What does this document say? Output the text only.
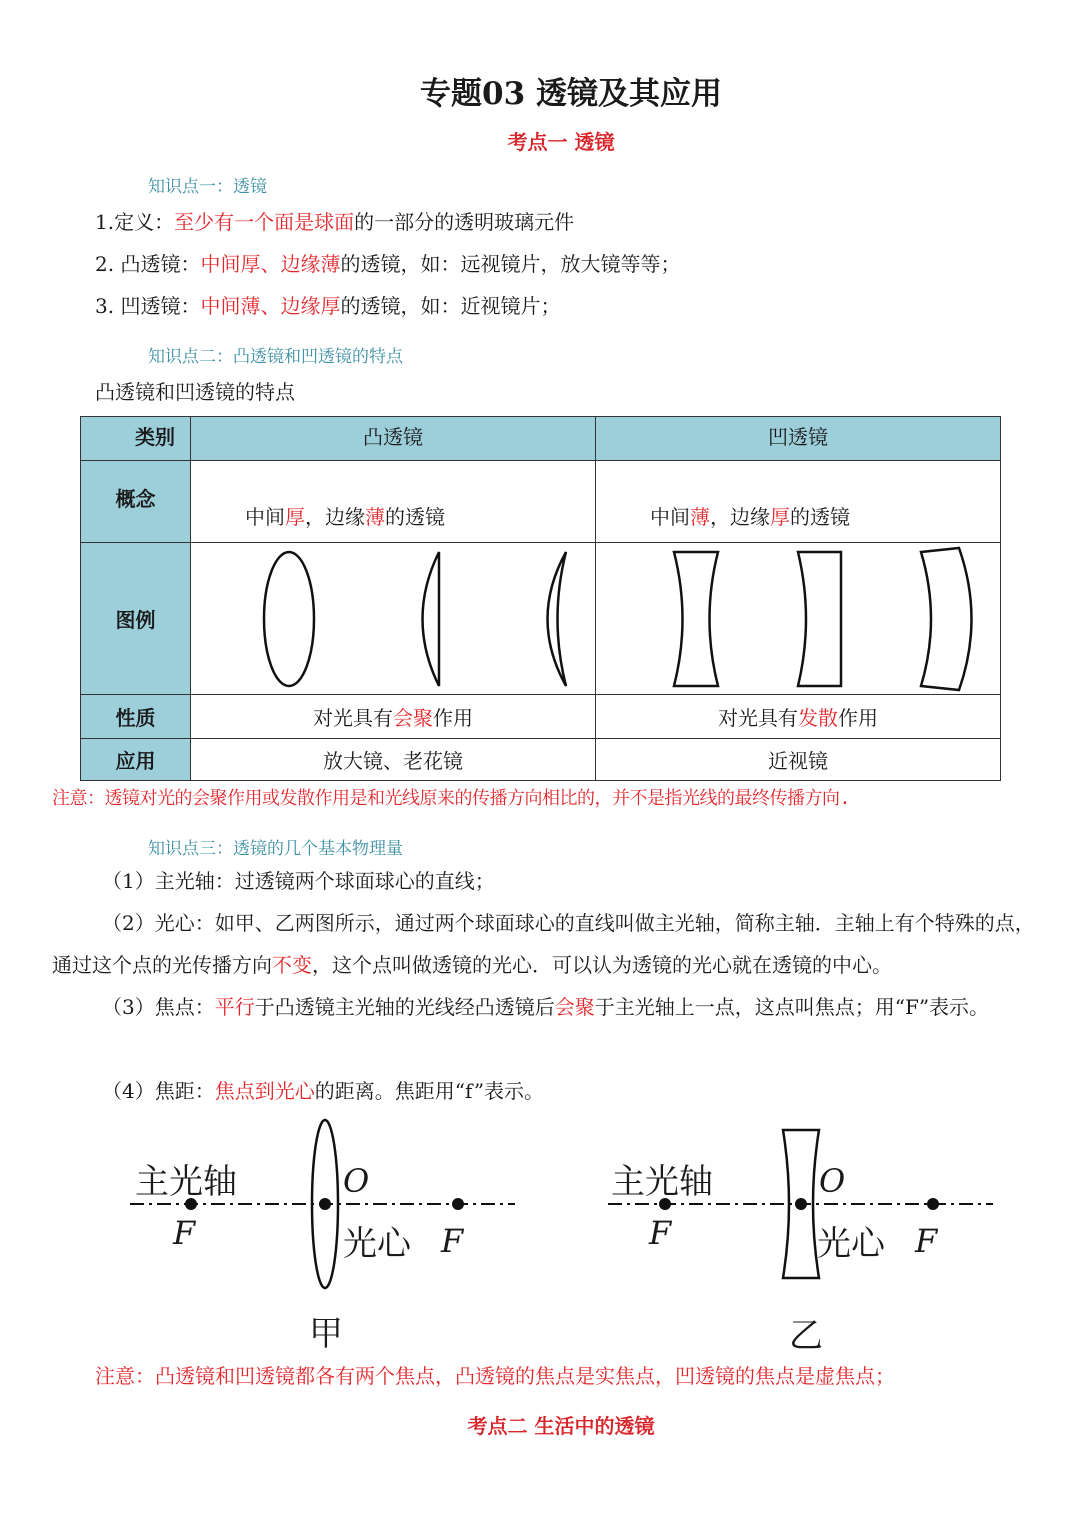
专题03 透镜及其应用
考点一 透镜
知识点一：透镜
1.定义：至少有一个面是球面的一部分的透明玻璃元件
2. 凸透镜：中间厚、边缘薄的透镜，如：远视镜片，放大镜等等；
3. 凹透镜：中间薄、边缘厚的透镜，如：近视镜片；
知识点二：凸透镜和凹透镜的特点
凸透镜和凹透镜的特点
类别	凸透镜	凹透镜
概念	中间厚，边缘薄的透镜	中间薄，边缘厚的透镜
图例	

性质	对光具有会聚作用	对光具有发散作用
应用	放大镜、老花镜	近视镜
注意：透镜对光的会聚作用或发散作用是和光线原来的传播方向相比的，并不是指光线的最终传播方向.
知识点三：透镜的几个基本物理量
（1）主光轴：过透镜两个球面球心的直线；
（2）光心：如甲、乙两图所示，通过两个球面球心的直线叫做主光轴，简称主轴．主轴上有个特殊的点，通过这个点的光传播方向不变，这个点叫做透镜的光心．可以认为透镜的光心就在透镜的中心。
（3）焦点：平行于凸透镜主光轴的光线经凸透镜后会聚于主光轴上一点，这点叫焦点；用“F”表示。
（4）焦距：焦点到光心的距离。焦距用“f”表示。
主光轴	O
F	光心 F
甲
主光轴	O
F	光心 F
乙
注意：凸透镜和凹透镜都各有两个焦点，凸透镜的焦点是实焦点，凹透镜的焦点是虚焦点；
考点二 生活中的透镜
